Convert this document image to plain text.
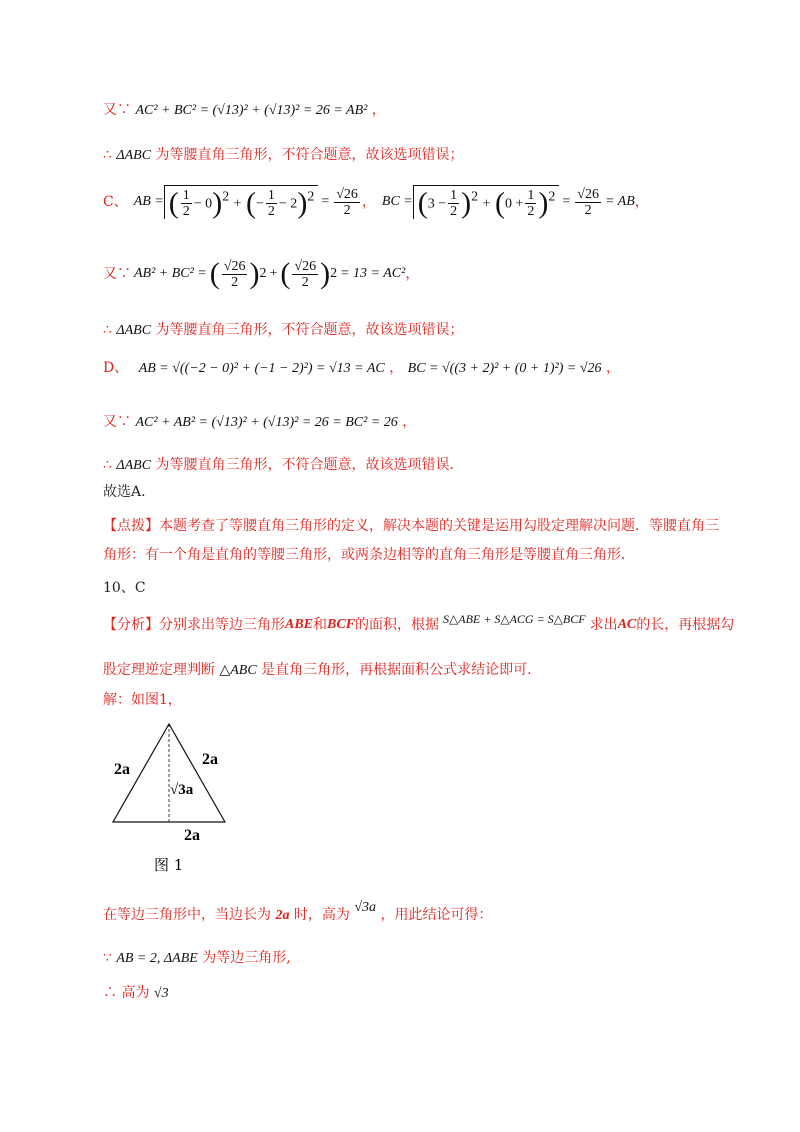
又∵ AC² + BC² = (√13)² + (√13)² = 26 = AB² ，
∴ ΔABC 为等腰直角三角形，不符合题意，故该选项错误；
C、 AB = ( $\frac{1}{2} - 0)^2$ + (− $\frac{1}{2} - 2)^2 = \frac{√26}{2}$ ， BC = $(3 - \frac{1}{2} )^2 + (0 + \frac{1}{2} )^2 = \frac{√26}{2}$ = AB ，
又∵ AB² + BC² = ( $\frac{√26}{2}$ ) 2 + ( $\frac{√26}{2}$ ) 2 = 13 = AC² ，
∴ ΔABC 为等腰直角三角形，不符合题意，故该选项错误；
D、 AB = √((−2 − 0)² + (−1 − 2)²) = √13 = AC ， BC = √((3 + 2)² + (0 + 1)²) = √26 ，
又∵ AC² + AB² = (√13)² + (√13)² = 26 = BC² = 26 ，
∴ ΔABC 为等腰直角三角形，不符合题意，故该选项错误.
故选A.
【点拨】本题考查了等腰直角三角形的定义，解决本题的关键是运用勾股定理解决问题．等腰直角三
角形：有一个角是直角的等腰三角形，或两条边相等的直角三角形是等腰直角三角形．
10、C
【分析】 分别求出等边三角形 ABE 和 BCF 的面积，根据 S△ABE + S△ACG = S△BCF 求出 AC 的长，再根据勾
股定理逆定理判断 △ABC 是直角三角形，再根据面积公式求结论即可.
解：如图1，
2a
2a
√3a
2a
图 1
在等边三角形中，当边长为 2a 时，高为 √3a ，用此结论可得：
∵ AB = 2, ΔABE 为等边三角形,
∴ 高为 √3
